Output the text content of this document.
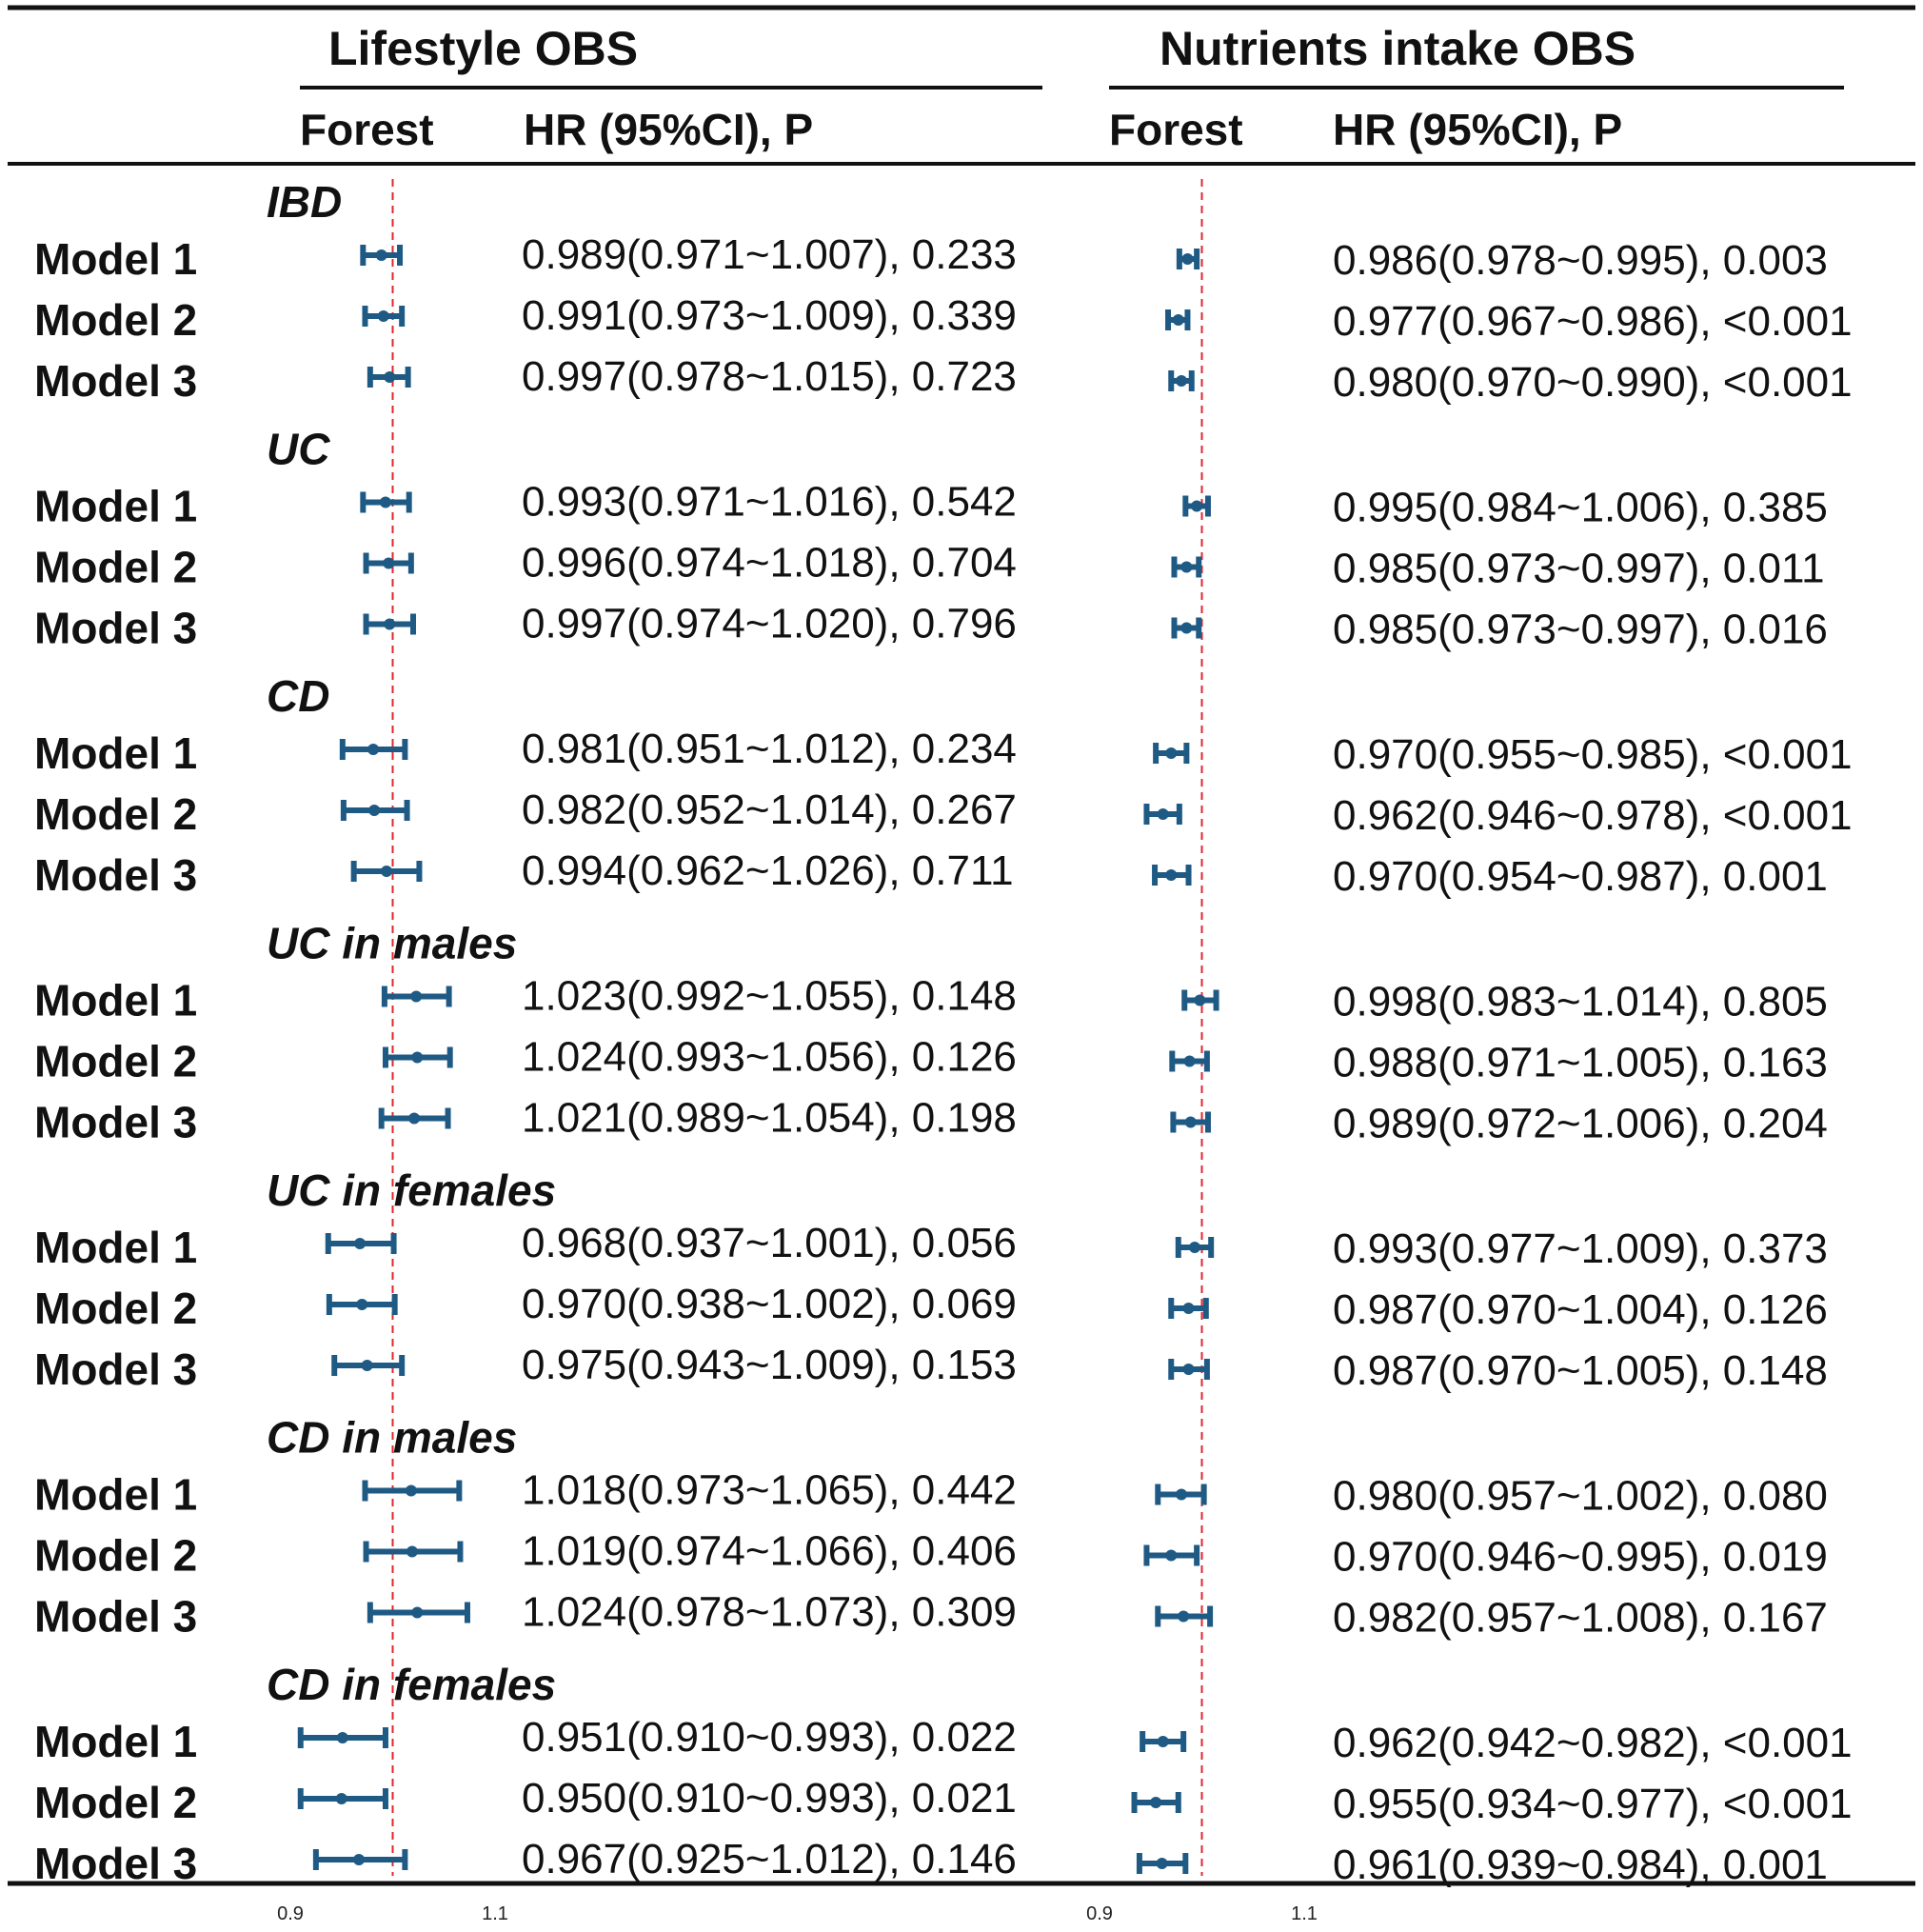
Lifestyle OBS	Nutrients intake OBS
Forest HR (95%CI), P	Forest HR (95%CI), P
IBD
Model 1	0.989(0.971~1.007), 0.233	0.986(0.978~0.995), 0.003
Model 2	0.991(0.973~1.009), 0.339	0.977(0.967~0.986), <0.001
Model 3	0.997(0.978~1.015), 0.723	0.980(0.970~0.990), <0.001
UC
Model 1	0.993(0.971~1.016), 0.542	0.995(0.984~1.006), 0.385
Model 2	0.996(0.974~1.018), 0.704	0.985(0.973~0.997), 0.011
Model 3	0.997(0.974~1.020), 0.796	0.985(0.973~0.997), 0.016
CD
Model 1	0.981(0.951~1.012), 0.234	0.970(0.955~0.985), <0.001
Model 2	0.982(0.952~1.014), 0.267	0.962(0.946~0.978), <0.001
Model 3	0.994(0.962~1.026), 0.711	0.970(0.954~0.987), 0.001
UC in males
Model 1	1.023(0.992~1.055), 0.148	0.998(0.983~1.014), 0.805
Model 2	1.024(0.993~1.056), 0.126	0.988(0.971~1.005), 0.163
Model 3	1.021(0.989~1.054), 0.198	0.989(0.972~1.006), 0.204
UC in females
Model 1	0.968(0.937~1.001), 0.056	0.993(0.977~1.009), 0.373
Model 2	0.970(0.938~1.002), 0.069	0.987(0.970~1.004), 0.126
Model 3	0.975(0.943~1.009), 0.153	0.987(0.970~1.005), 0.148
CD in males
Model 1	1.018(0.973~1.065), 0.442	0.980(0.957~1.002), 0.080
Model 2	1.019(0.974~1.066), 0.406	0.970(0.946~0.995), 0.019
Model 3	1.024(0.978~1.073), 0.309	0.982(0.957~1.008), 0.167
CD in females
Model 1	0.951(0.910~0.993), 0.022	0.962(0.942~0.982), <0.001
Model 2	0.950(0.910~0.993), 0.021	0.955(0.934~0.977), <0.001
Model 3	0.967(0.925~1.012), 0.146	0.961(0.939~0.984), 0.001
0.9	1.1	0.9	1.1
